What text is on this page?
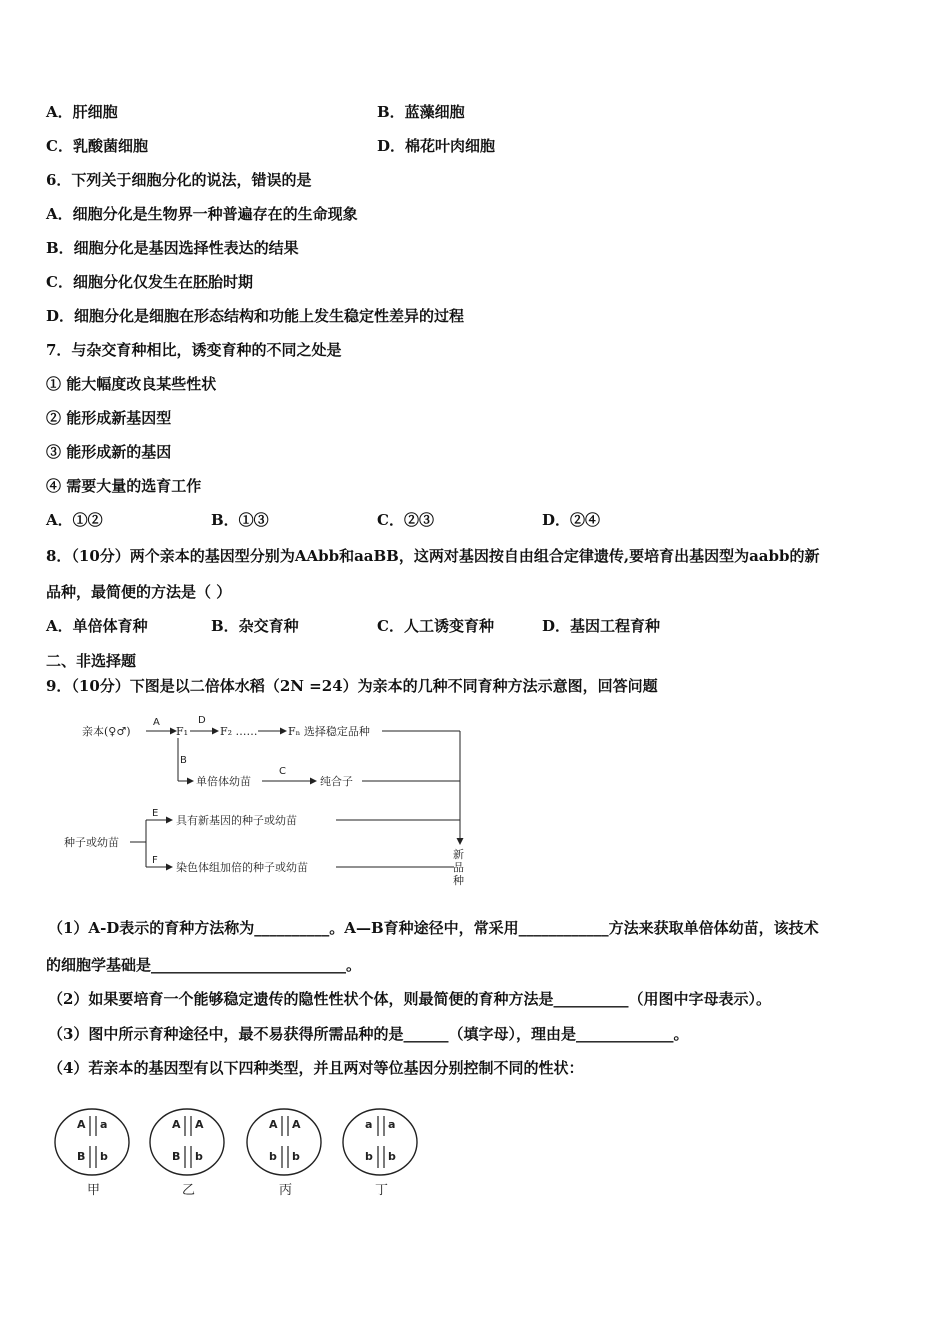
A．肝细胞	B．蓝藻细胞
C．乳酸菌细胞	D．棉花叶肉细胞
6．下列关于细胞分化的说法，错误的是
A．细胞分化是生物界一种普遍存在的生命现象
B．细胞分化是基因选择性表达的结果
C．细胞分化仅发生在胚胎时期
D．细胞分化是细胞在形态结构和功能上发生稳定性差异的过程
7．与杂交育种相比，诱变育种的不同之处是
① 能大幅度改良某些性状
② 能形成新基因型
③ 能形成新的基因
④ 需要大量的选育工作
A．①②	B．①③	C．②③	D．②④
8．（10分）两个亲本的基因型分别为AAbb和aaBB，这两对基因按自由组合定律遗传,要培育出基因型为aabb的新
品种，最简便的方法是（ ）
A．单倍体育种	B．杂交育种	C．人工诱变育种	D．基因工程育种
二、非选择题
9．（10分）下图是以二倍体水稻（2N =24）为亲本的几种不同育种方法示意图，回答问题
亲本(♀♂)
A
F₁
D
F₂ ……	Fₙ 选择稳定品种
B
单倍体幼苗
C
纯合子
种子或幼苗
E
具有新基因的种子或幼苗
F
染色体组加倍的种子或幼苗
新
品
种
（1）A-D表示的育种方法称为__________。A—B育种途径中，常采用____________方法来获取单倍体幼苗，该技术
的细胞学基础是__________________________。
（2）如果要培育一个能够稳定遗传的隐性性状个体，则最简便的育种方法是__________（用图中字母表示）。
（3）图中所示育种途径中，最不易获得所需品种的是______（填字母），理由是_____________。
（4）若亲本的基因型有以下四种类型，并且两对等位基因分别控制不同的性状：
A a
B b
甲
A A
B b
乙
A A
b b
丙
a a
b b
丁
